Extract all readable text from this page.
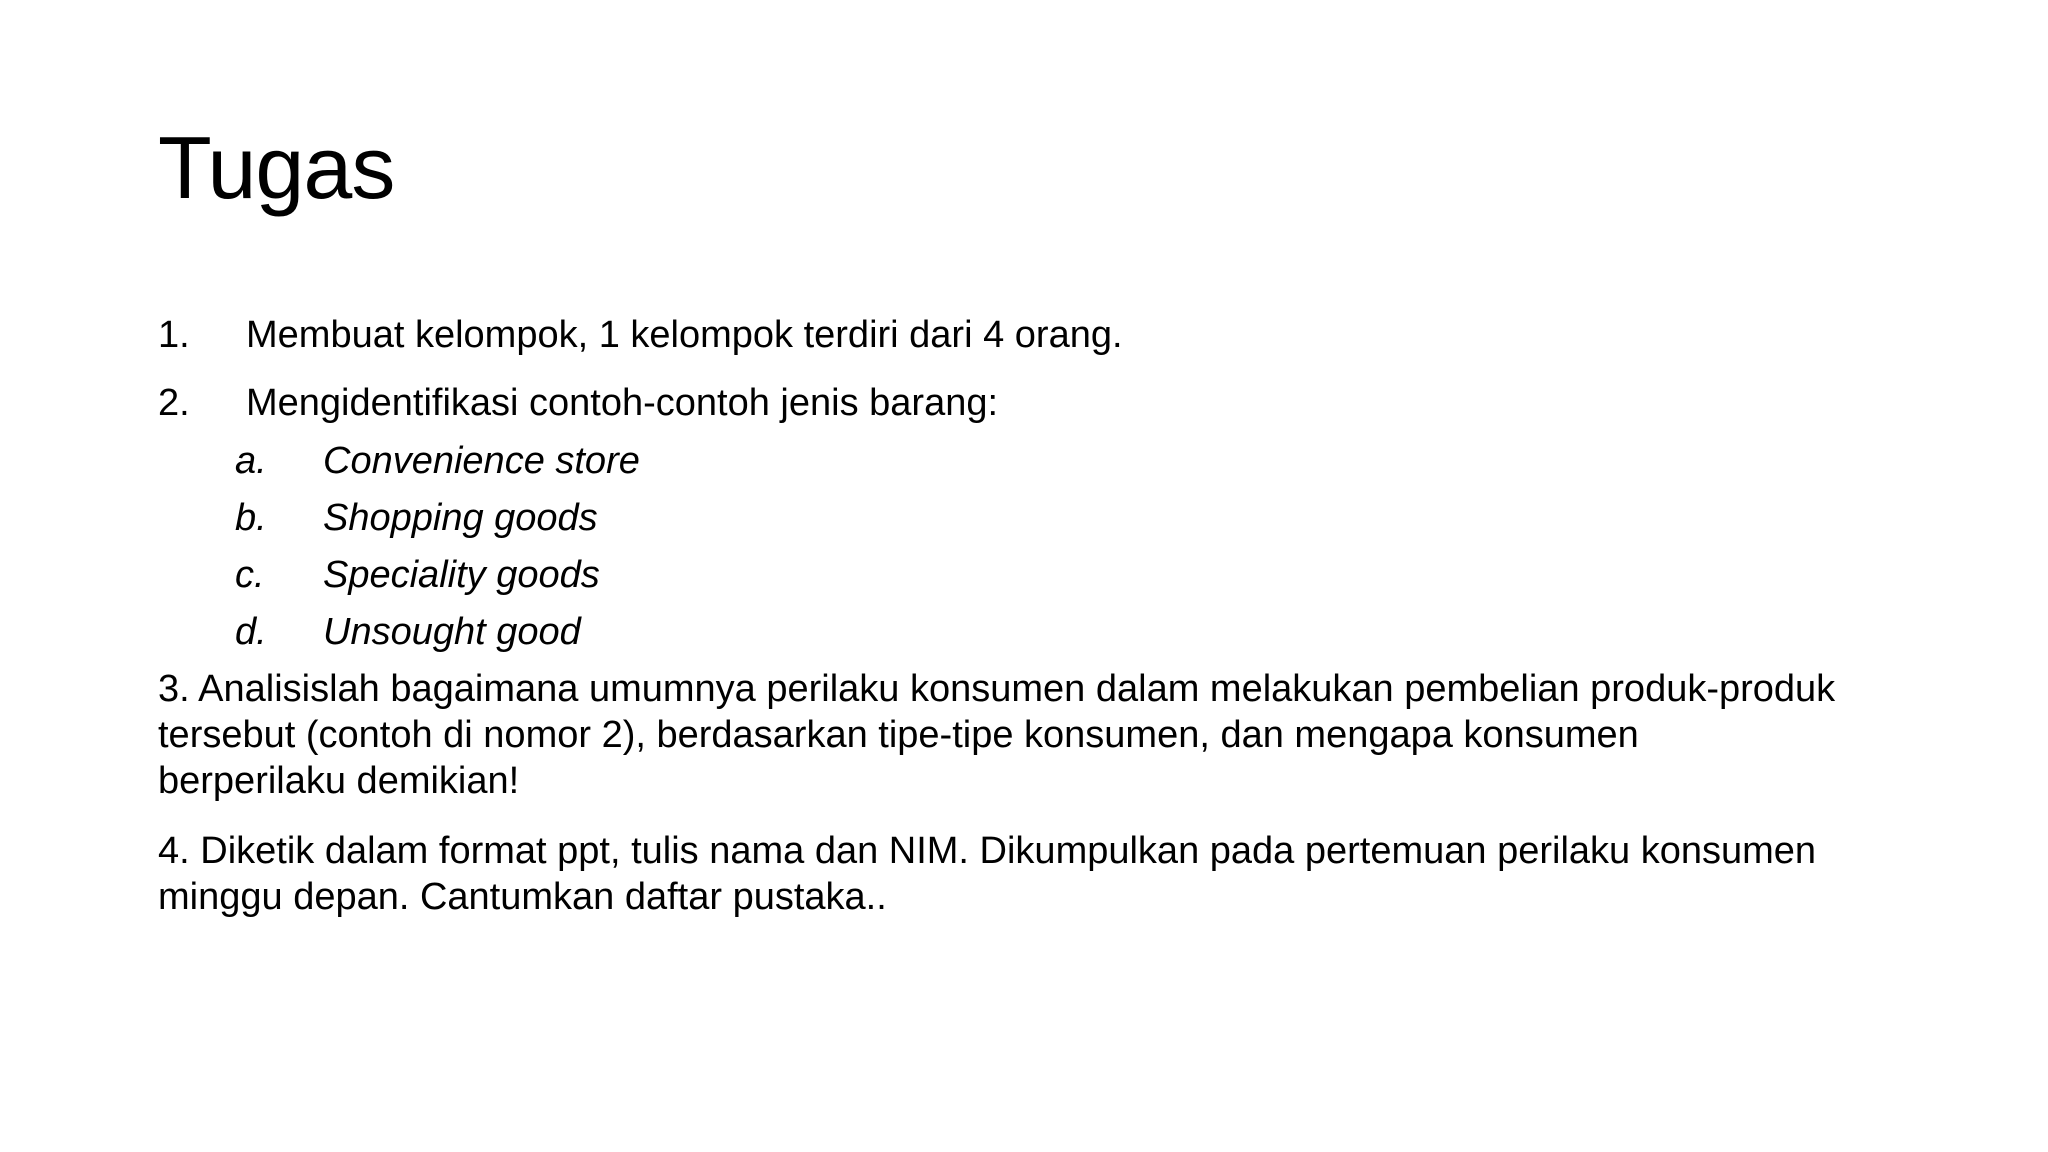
Tugas
1. Membuat kelompok, 1 kelompok terdiri dari 4 orang.
2. Mengidentifikasi contoh-contoh jenis barang:
a. Convenience store
b. Shopping goods
c. Speciality goods
d. Unsought good

3. Analisislah bagaimana umumnya perilaku konsumen dalam melakukan pembelian produk-produk
tersebut (contoh di nomor 2), berdasarkan tipe-tipe konsumen, dan mengapa konsumen
berperilaku demikian!

4. Diketik dalam format ppt, tulis nama dan NIM. Dikumpulkan pada pertemuan perilaku konsumen
minggu depan. Cantumkan daftar pustaka..
